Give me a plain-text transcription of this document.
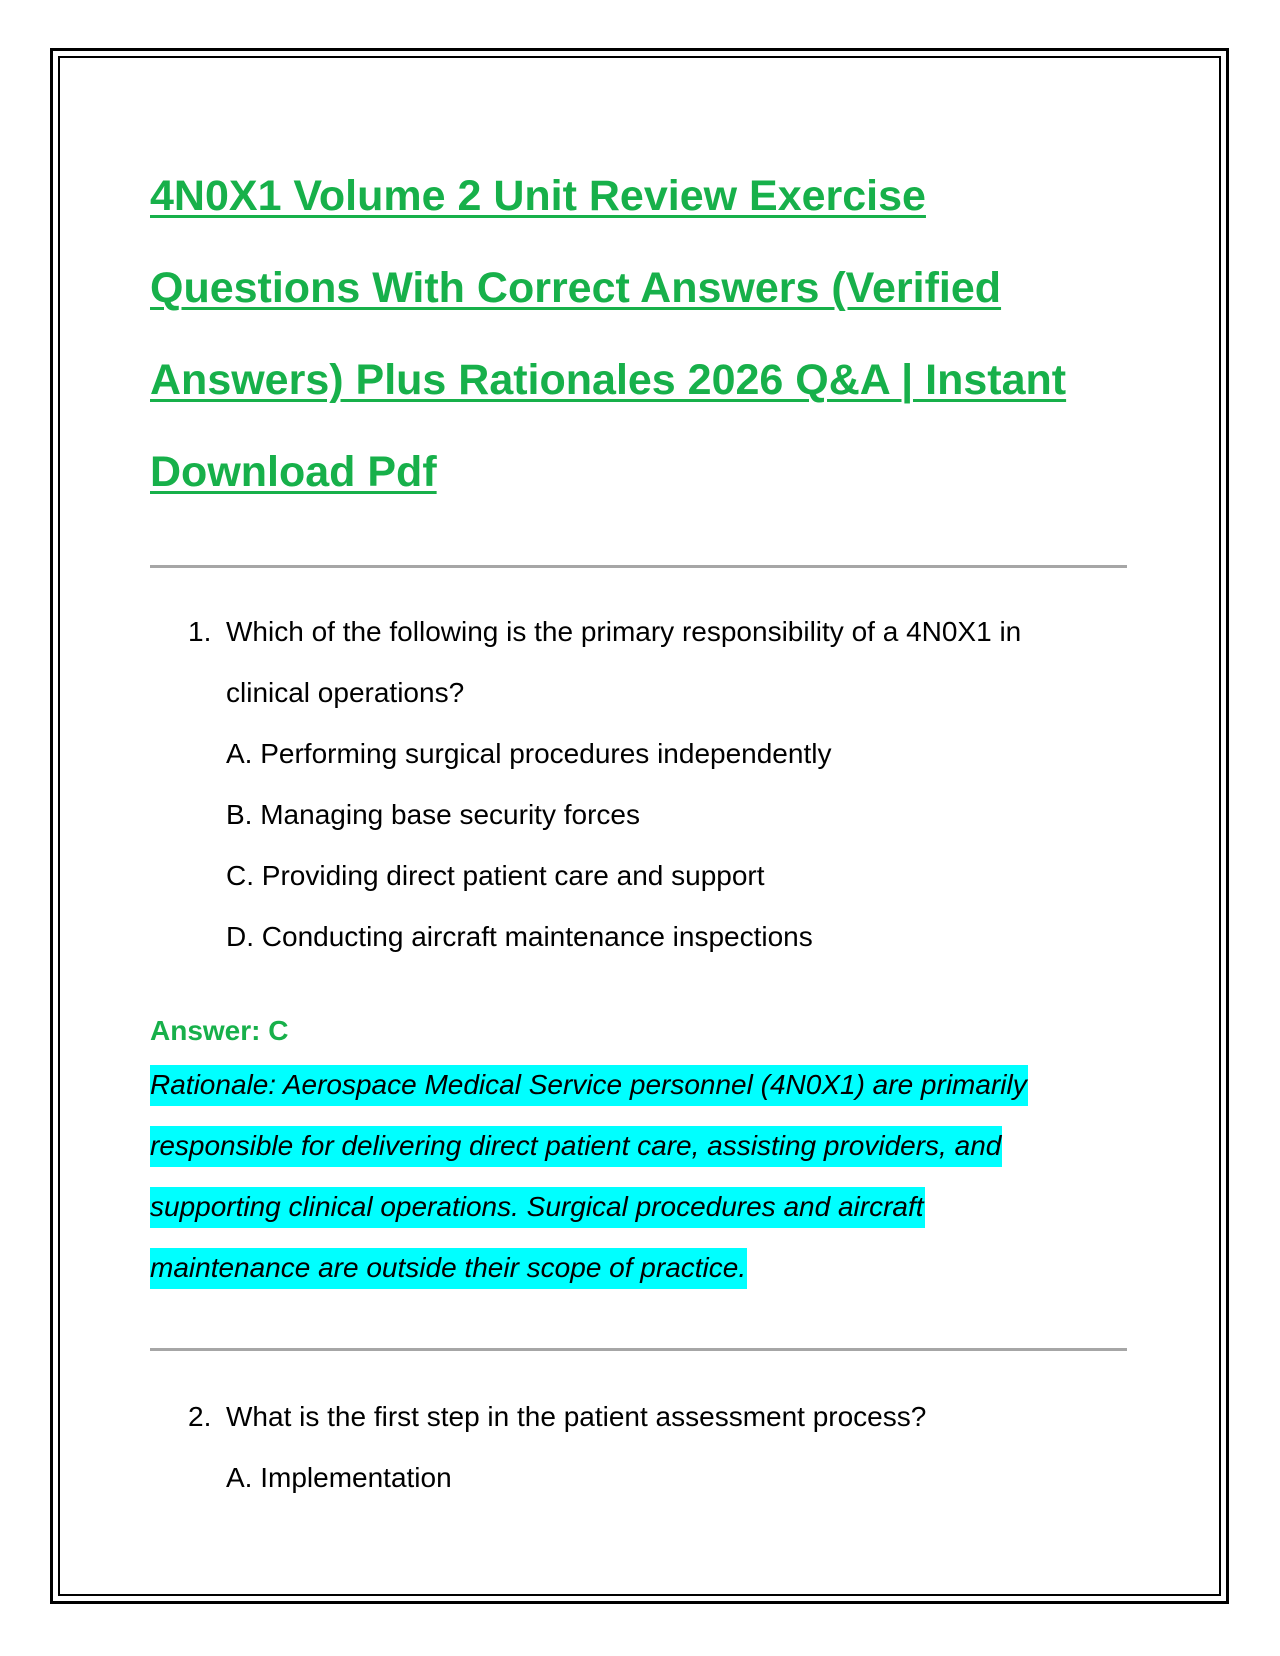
4N0X1 Volume 2 Unit Review Exercise
Questions With Correct Answers (Verified
Answers) Plus Rationales 2026 Q&A | Instant
Download Pdf
1. Which of the following is the primary responsibility of a 4N0X1 in
clinical operations?

A. Performing surgical procedures independently

B. Managing base security forces

C. Providing direct patient care and support

D. Conducting aircraft maintenance inspections

Answer: C

Rationale: Aerospace Medical Service personnel (4N0X1) are primarily
responsible for delivering direct patient care, assisting providers, and
supporting clinical operations. Surgical procedures and aircraft
maintenance are outside their scope of practice.
2. What is the first step in the patient assessment process?

A. Implementation
